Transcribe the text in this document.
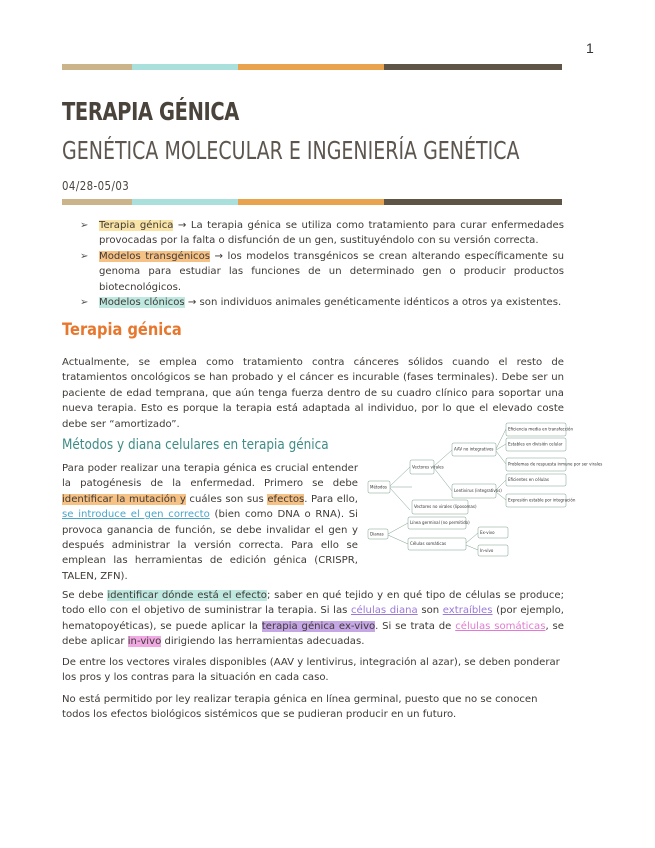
1
TERAPIA GÉNICA
GENÉTICA MOLECULAR E INGENIERÍA GENÉTICA
04/28-05/03
➢ Terapia génica → La terapia génica se utiliza como tratamiento para curar enfermedades provocadas por la falta o disfunción de un gen, sustituyéndolo con su versión correcta.
➢ Modelos transgénicos → los modelos transgénicos se crean alterando específicamente su genoma para estudiar las funciones de un determinado gen o producir productos biotecnológicos.
➢ Modelos clónicos → son individuos animales genéticamente idénticos a otros ya existentes.
Terapia génica

Actualmente, se emplea como tratamiento contra cánceres sólidos cuando el resto de tratamientos oncológicos se han probado y el cáncer es incurable (fases terminales). Debe ser un paciente de edad temprana, que aún tenga fuerza dentro de su cuadro clínico para soportar una nueva terapia. Esto es porque la terapia está adaptada al individuo, por lo que el elevado coste debe ser “amortizado”.

Métodos y diana celulares en terapia génica

Para poder realizar una terapia génica es crucial entender la patogénesis de la enfermedad. Primero se debe identificar la mutación y cuáles son sus efectos. Para ello, se introduce el gen correcto (bien como DNA o RNA). Si provoca ganancia de función, se debe invalidar el gen y después administrar la versión correcta. Para ello se emplean las herramientas de edición génica (CRISPR, TALEN, ZFN).

Métodos
Vectores virales
AAV no integrativos
Lentivirus (integrativos)
Eficiencia media en transfección
Estables en división celular
Problemas de respuesta inmune por ser virales
Eficientes en células
Expresión estable por integración
Vectores no virales (liposomas)
Dianas
Línea germinal (no permitido)
Células somáticas
Ex-vivo
In-vivo

Se debe identificar dónde está el efecto; saber en qué tejido y en qué tipo de células se produce; todo ello con el objetivo de suministrar la terapia. Si las células diana son extraíbles (por ejemplo, hematopoyéticas), se puede aplicar la terapia génica ex-vivo. Si se trata de células somáticas, se debe aplicar in-vivo dirigiendo las herramientas adecuadas.

De entre los vectores virales disponibles (AAV y lentivirus, integración al azar), se deben ponderar los pros y los contras para la situación en cada caso.

No está permitido por ley realizar terapia génica en línea germinal, puesto que no se conocen todos los efectos biológicos sistémicos que se pudieran producir en un futuro.
